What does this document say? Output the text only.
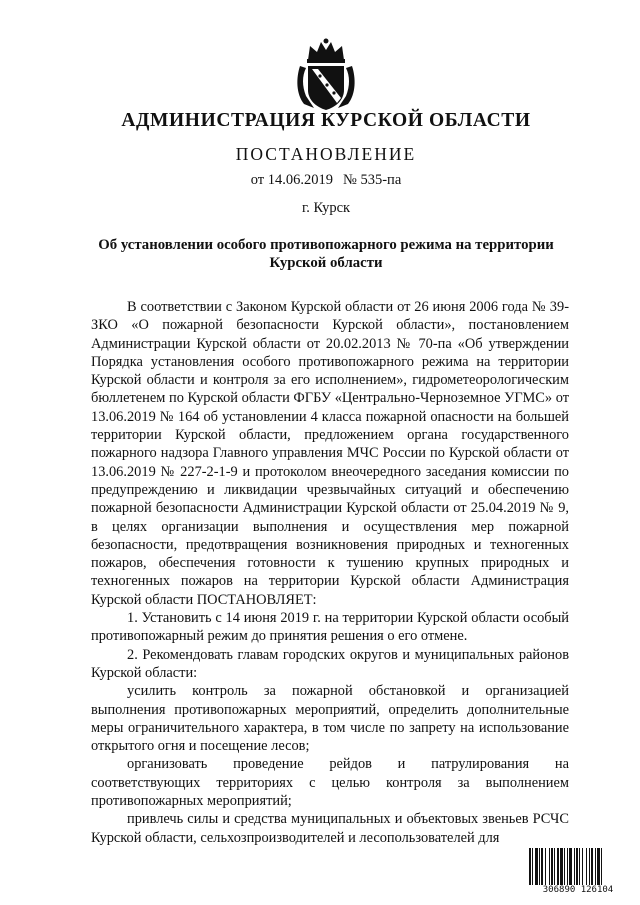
АДМИНИСТРАЦИЯ КУРСКОЙ ОБЛАСТИ
ПОСТАНОВЛЕНИЕ
от 14.06.2019 № 535-па
г. Курск
Об установлении особого противопожарного режима на территории Курской области

В соответствии с Законом Курской области от 26 июня 2006 года № 39-ЗКО «О пожарной безопасности Курской области», постановлением Администрации Курской области от 20.02.2013 № 70-па «Об утверждении Порядка установления особого противопожарного режима на территории Курской области и контроля за его исполнением», гидрометеорологическим бюллетенем по Курской области ФГБУ «Центрально-Черноземное УГМС» от 13.06.2019 № 164 об установлении 4 класса пожарной опасности на большей территории Курской области, предложением органа государственного пожарного надзора Главного управления МЧС России по Курской области от 13.06.2019 № 227-2-1-9 и протоколом внеочередного заседания комиссии по предупреждению и ликвидации чрезвычайных ситуаций и обеспечению пожарной безопасности Администрации Курской области от 25.04.2019 № 9, в целях организации выполнения и осуществления мер пожарной безопасности, предотвращения возникновения природных и техногенных пожаров, обеспечения готовности к тушению крупных природных и техногенных пожаров на территории Курской области Администрация Курской области ПОСТАНОВЛЯЕТ:

1. Установить с 14 июня 2019 г. на территории Курской области особый противопожарный режим до принятия решения о его отмене.

2. Рекомендовать главам городских округов и муниципальных районов Курской области:

усилить контроль за пожарной обстановкой и организацией выполнения противопожарных мероприятий, определить дополнительные меры ограничительного характера, в том числе по запрету на использование открытого огня и посещение лесов;

организовать проведение рейдов и патрулирования на соответствующих территориях с целью контроля за выполнением противопожарных мероприятий;

привлечь силы и средства муниципальных и объектовых звеньев РСЧС Курской области, сельхозпроизводителей и лесопользователей для

306890 126104
